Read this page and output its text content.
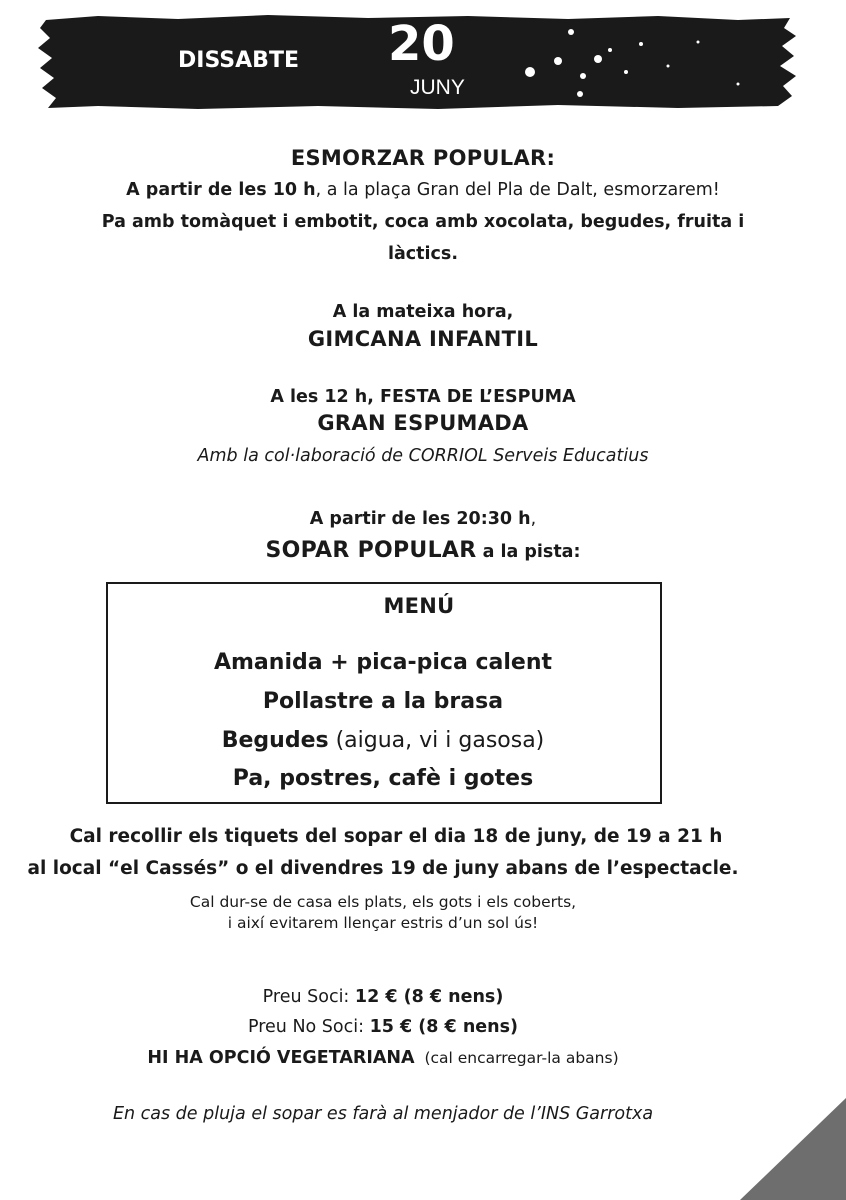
DISSABTE 20
JUNY
ESMORZAR POPULAR:
A partir de les 10 h, a la plaça Gran del Pla de Dalt, esmorzarem!
Pa amb tomàquet i embotit, coca amb xocolata, begudes, fruita i
làctics.
A la mateixa hora,
GIMCANA INFANTIL
A les 12 h, FESTA DE L’ESPUMA
GRAN ESPUMADA
Amb la col·laboració de CORRIOL Serveis Educatius
A partir de les 20:30 h,
SOPAR POPULAR a la pista:
MENÚ
Amanida + pica-pica calent
Pollastre a la brasa
Begudes (aigua, vi i gasosa)
Pa, postres, cafè i gotes
Cal recollir els tiquets del sopar el dia 18 de juny, de 19 a 21 h
al local “el Cassés” o el divendres 19 de juny abans de l’espectacle.
Cal dur-se de casa els plats, els gots i els coberts,
i així evitarem llençar estris d’un sol ús!
Preu Soci: 12 € (8 € nens)
Preu No Soci: 15 € (8 € nens)
HI HA OPCIÓ VEGETARIANA  (cal encarregar-la abans)
En cas de pluja el sopar es farà al menjador de l’INS Garrotxa
